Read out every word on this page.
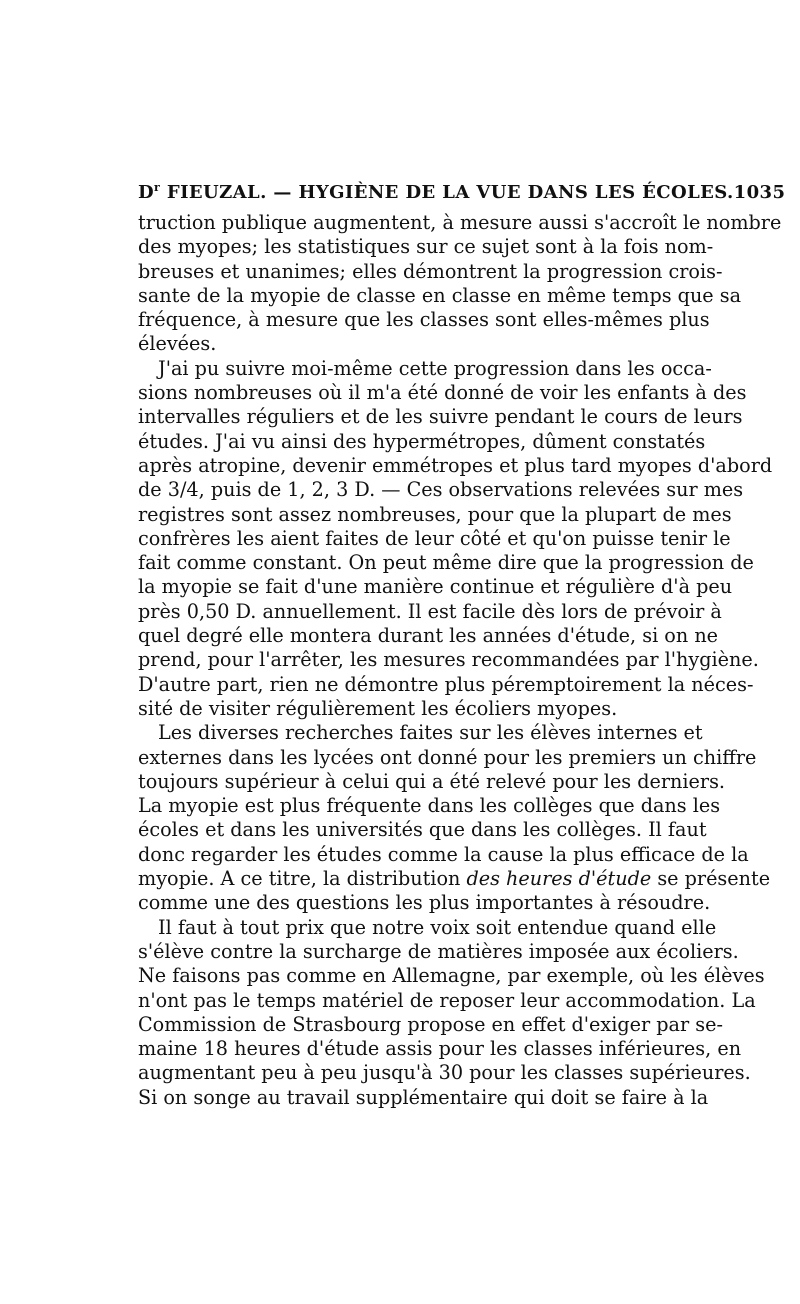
$D^r$ FIEUZAL. — HYGIÈNE DE LA VUE DANS LES ÉCOLES. 1035
truction publique augmentent, à mesure aussi s'accroît le nombre
des myopes; les statistiques sur ce sujet sont à la fois nom-
breuses et unanimes; elles démontrent la progression crois-
sante de la myopie de classe en classe en même temps que sa
fréquence, à mesure que les classes sont elles-mêmes plus
élevées.
J'ai pu suivre moi-même cette progression dans les occa-
sions nombreuses où il m'a été donné de voir les enfants à des
intervalles réguliers et de les suivre pendant le cours de leurs
études. J'ai vu ainsi des hypermétropes, dûment constatés
après atropine, devenir emmétropes et plus tard myopes d'abord
de 3/4, puis de 1, 2, 3 D. — Ces observations relevées sur mes
registres sont assez nombreuses, pour que la plupart de mes
confrères les aient faites de leur côté et qu'on puisse tenir le
fait comme constant. On peut même dire que la progression de
la myopie se fait d'une manière continue et régulière d'à peu
près 0,50 D. annuellement. Il est facile dès lors de prévoir à
quel degré elle montera durant les années d'étude, si on ne
prend, pour l'arrêter, les mesures recommandées par l'hygiène.
D'autre part, rien ne démontre plus péremptoirement la néces-
sité de visiter régulièrement les écoliers myopes.
Les diverses recherches faites sur les élèves internes et
externes dans les lycées ont donné pour les premiers un chiffre
toujours supérieur à celui qui a été relevé pour les derniers.
La myopie est plus fréquente dans les collèges que dans les
écoles et dans les universités que dans les collèges. Il faut
donc regarder les études comme la cause la plus efficace de la
myopie. A ce titre, la distribution des heures d'étude se présente
comme une des questions les plus importantes à résoudre.
Il faut à tout prix que notre voix soit entendue quand elle
s'élève contre la surcharge de matières imposée aux écoliers.
Ne faisons pas comme en Allemagne, par exemple, où les élèves
n'ont pas le temps matériel de reposer leur accommodation. La
Commission de Strasbourg propose en effet d'exiger par se-
maine 18 heures d'étude assis pour les classes inférieures, en
augmentant peu à peu jusqu'à 30 pour les classes supérieures.
Si on songe au travail supplémentaire qui doit se faire à la
